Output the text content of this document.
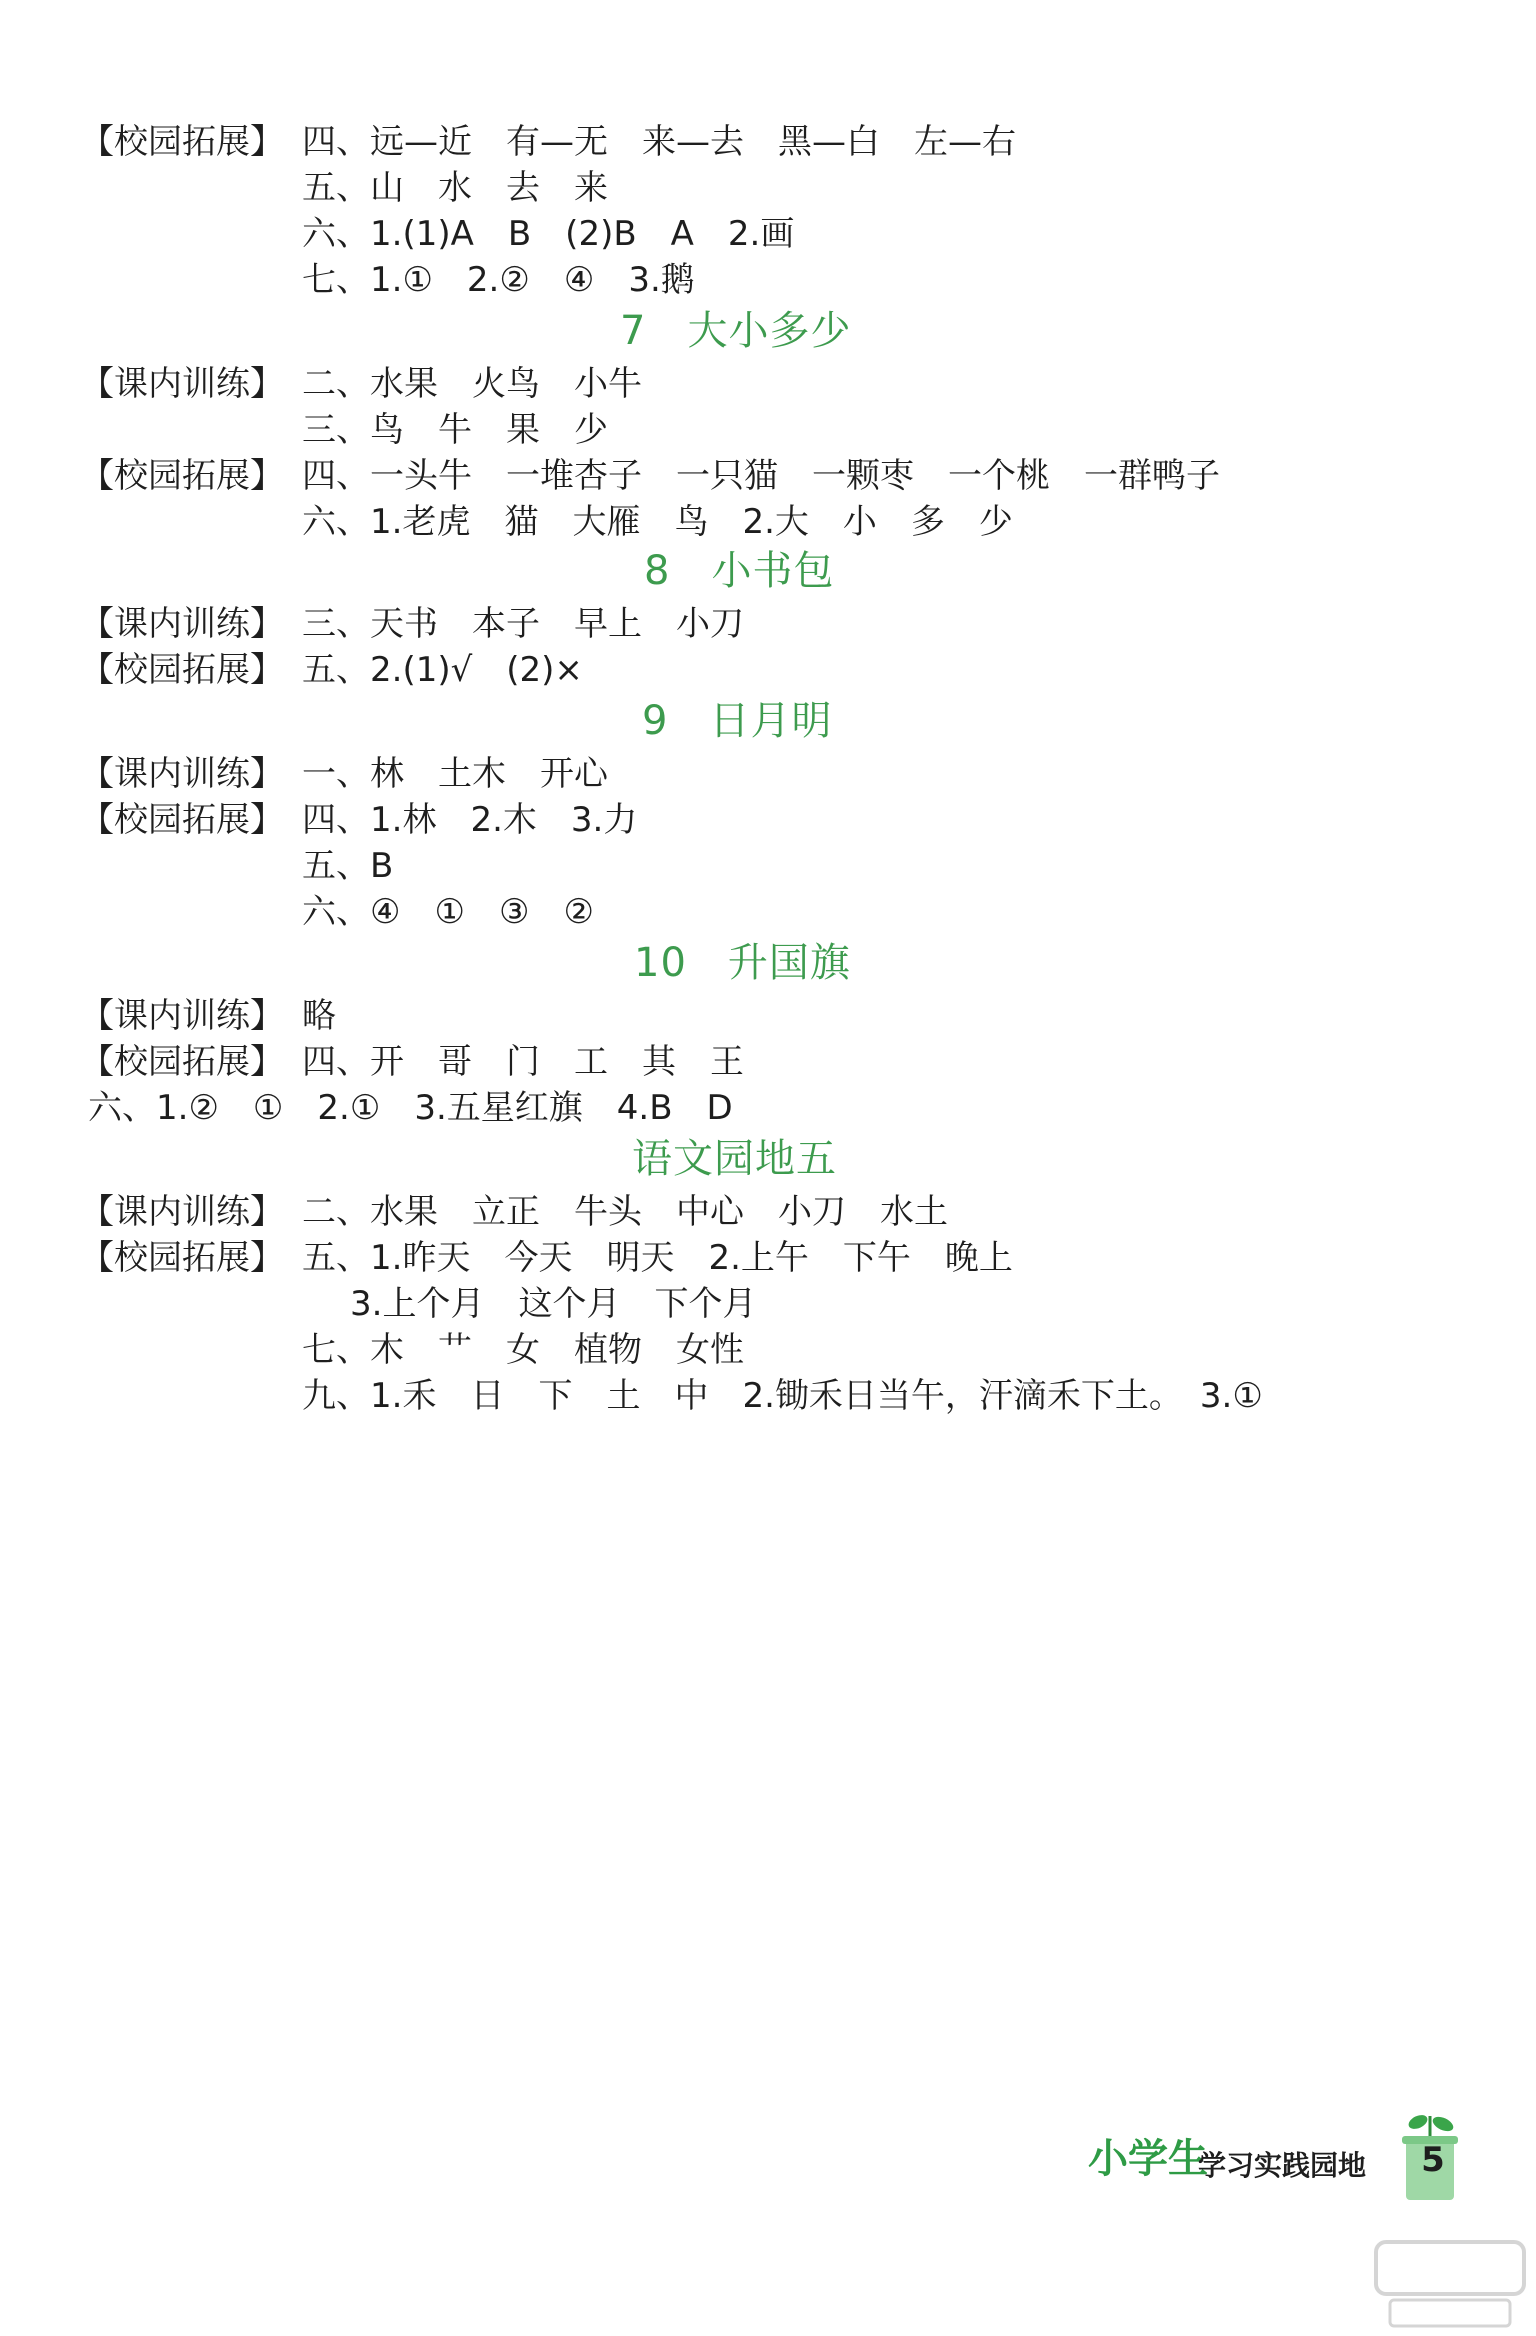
【校园拓展】 四、远—近　有—无　来—去　黑—白　左—右
五、山　水　去　来
六、1.(1)A　B　(2)B　A　2.画
七、1.①　2.②　④　3.鹅
7　大小多少
【课内训练】 二、水果　火鸟　小牛
三、鸟　牛　果　少
【校园拓展】 四、一头牛　一堆杏子　一只猫　一颗枣　一个桃　一群鸭子
六、1.老虎　猫　大雁　鸟　2.大　小　多　少
8　小书包
【课内训练】 三、天书　本子　早上　小刀
【校园拓展】 五、2.(1)√　(2)×
9　日月明
【课内训练】 一、林　土木　开心
【校园拓展】 四、1.林　2.木　3.力
五、B
六、④　①　③　②
10　升国旗
【课内训练】 略
【校园拓展】 四、开　哥　门　工　其　王
六、1.②　①　2.①　3.五星红旗　4.B　D
语文园地五
【课内训练】 二、水果　立正　牛头　中心　小刀　水土
【校园拓展】 五、1.昨天　今天　明天　2.上午　下午　晚上
3.上个月　这个月　下个月
七、木　艹　女　植物　女性
九、1.禾　日　下　土　中　2.锄禾日当午，汗滴禾下土。　3.①
小学生
学习实践园地	5
